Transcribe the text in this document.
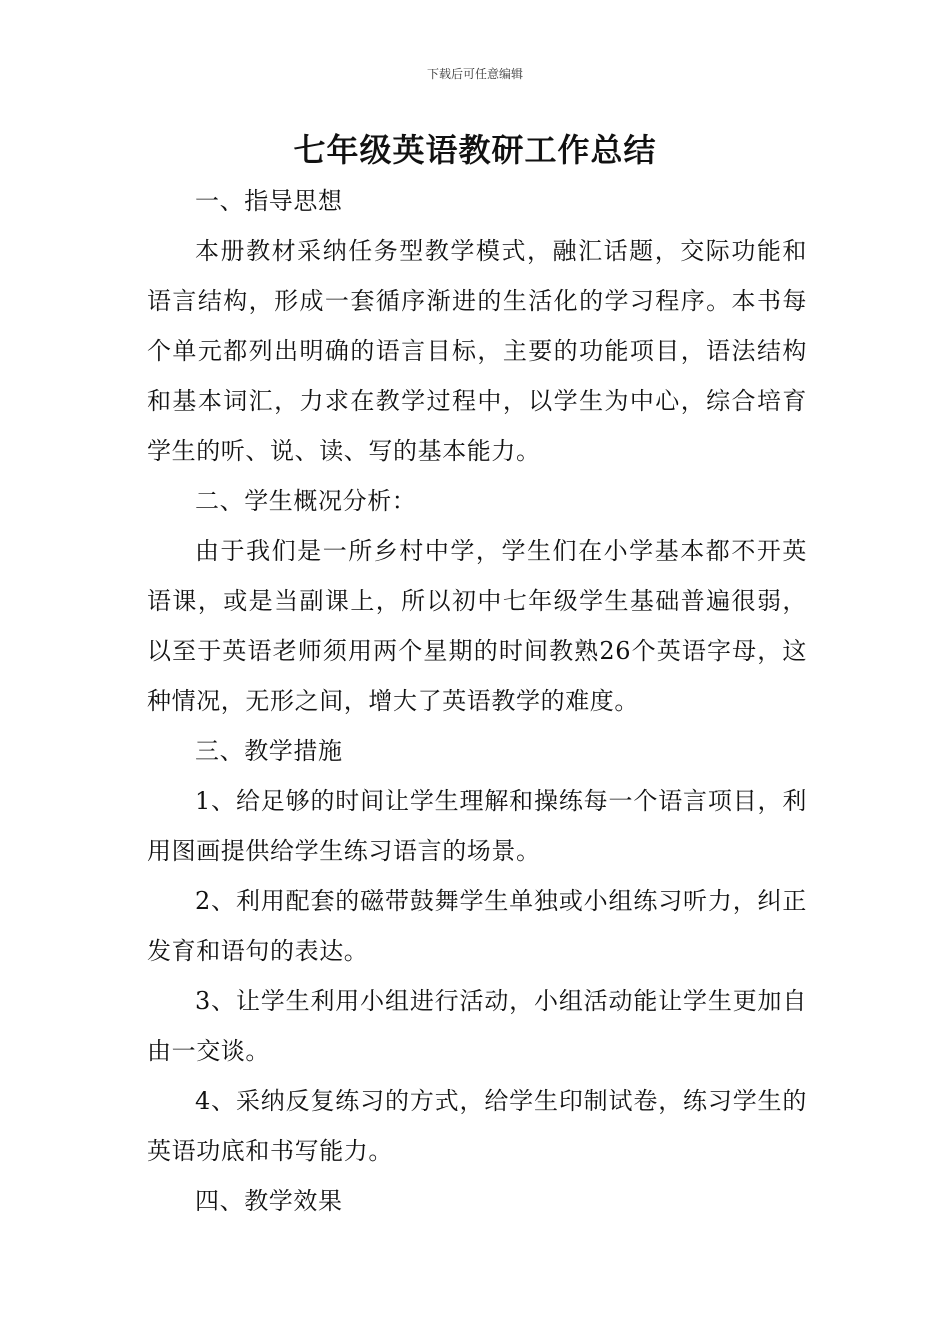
下载后可任意编辑
七年级英语教研工作总结

一、指导思想

本册教材采纳任务型教学模式，融汇话题，交际功能和语言结构，形成一套循序渐进的生活化的学习程序。本书每个单元都列出明确的语言目标，主要的功能项目，语法结构和基本词汇，力求在教学过程中，以学生为中心，综合培育学生的听、说、读、写的基本能力。

二、学生概况分析：

由于我们是一所乡村中学，学生们在小学基本都不开英语课，或是当副课上，所以初中七年级学生基础普遍很弱，以至于英语老师须用两个星期的时间教熟26个英语字母，这种情况，无形之间，增大了英语教学的难度。

三、教学措施

1、给足够的时间让学生理解和操练每一个语言项目，利用图画提供给学生练习语言的场景。

2、利用配套的磁带鼓舞学生单独或小组练习听力，纠正发育和语句的表达。

3、让学生利用小组进行活动，小组活动能让学生更加自由一交谈。

4、采纳反复练习的方式，给学生印制试卷，练习学生的英语功底和书写能力。

四、教学效果
